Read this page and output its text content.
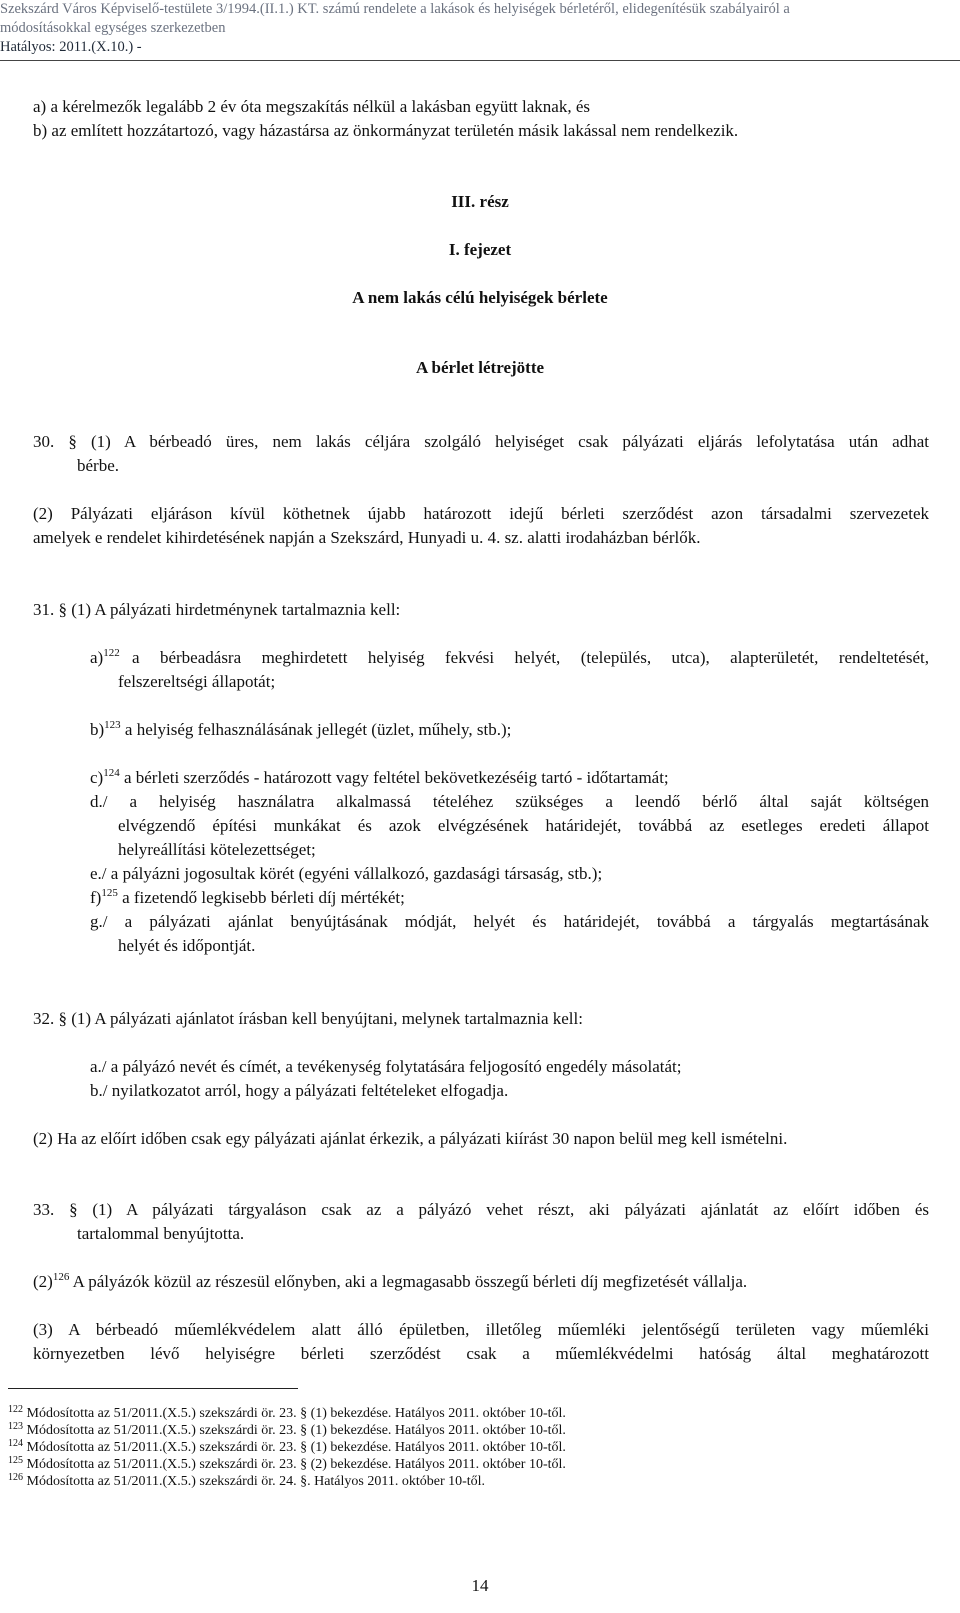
Szekszárd Város Képviselő-testülete 3/1994.(II.1.) KT. számú rendelete a lakások és helyiségek bérletéről, elidegenítésük szabályairól a
módosításokkal egységes szerkezetben
Hatályos: 2011.(X.10.) -
a) a kérelmezők legalább 2 év óta megszakítás nélkül a lakásban együtt laknak, és
b) az említett hozzátartozó, vagy házastársa az önkormányzat területén másik lakással nem rendelkezik.
III. rész
I. fejezet
A nem lakás célú helyiségek bérlete
A bérlet létrejötte
30. § (1) A bérbeadó üres, nem lakás céljára szolgáló helyiséget csak pályázati eljárás lefolytatása után adhat
bérbe.
(2) Pályázati eljáráson kívül köthetnek újabb határozott idejű bérleti szerződést azon társadalmi szervezetek
amelyek e rendelet kihirdetésének napján a Szekszárd, Hunyadi u. 4. sz. alatti irodaházban bérlők.
31. § (1) A pályázati hirdetménynek tartalmaznia kell:
a)$^{122}$ a bérbeadásra meghirdetett helyiség fekvési helyét, (település, utca), alapterületét, rendeltetését,
felszereltségi állapotát;
b)$^{123}$ a helyiség felhasználásának jellegét (üzlet, műhely, stb.);
c)$^{124}$ a bérleti szerződés - határozott vagy feltétel bekövetkezéséig tartó - időtartamát;
d./ a helyiség használatra alkalmassá tételéhez szükséges a leendő bérlő által saját költségen
elvégzendő építési munkákat és azok elvégzésének határidejét, továbbá az esetleges eredeti állapot
helyreállítási kötelezettséget;
e./ a pályázni jogosultak körét (egyéni vállalkozó, gazdasági társaság, stb.);
f)$^{125}$ a fizetendő legkisebb bérleti díj mértékét;
g./ a pályázati ajánlat benyújtásának módját, helyét és határidejét, továbbá a tárgyalás megtartásának
helyét és időpontját.
32. § (1) A pályázati ajánlatot írásban kell benyújtani, melynek tartalmaznia kell:
a./ a pályázó nevét és címét, a tevékenység folytatására feljogosító engedély másolatát;
b./ nyilatkozatot arról, hogy a pályázati feltételeket elfogadja.
(2) Ha az előírt időben csak egy pályázati ajánlat érkezik, a pályázati kiírást 30 napon belül meg kell ismételni.
33. § (1) A pályázati tárgyaláson csak az a pályázó vehet részt, aki pályázati ajánlatát az előírt időben és
tartalommal benyújtotta.
$(2)^{126}$ A pályázók közül az részesül előnyben, aki a legmagasabb összegű bérleti díj megfizetését vállalja.
(3) A bérbeadó műemlékvédelem alatt álló épületben, illetőleg műemléki jelentőségű területen vagy műemléki
környezetben lévő helyiségre bérleti szerződést csak a műemlékvédelmi hatóság által meghatározott
$^{122}$ Módosította az 51/2011.(X.5.) szekszárdi ör. 23. § (1) bekezdése. Hatályos 2011. október 10-től.
$^{123}$ Módosította az 51/2011.(X.5.) szekszárdi ör. 23. § (1) bekezdése. Hatályos 2011. október 10-től.
$^{124}$ Módosította az 51/2011.(X.5.) szekszárdi ör. 23. § (1) bekezdése. Hatályos 2011. október 10-től.
$^{125}$ Módosította az 51/2011.(X.5.) szekszárdi ör. 23. § (2) bekezdése. Hatályos 2011. október 10-től.
$^{126}$ Módosította az 51/2011.(X.5.) szekszárdi ör. 24. §. Hatályos 2011. október 10-től.
14
